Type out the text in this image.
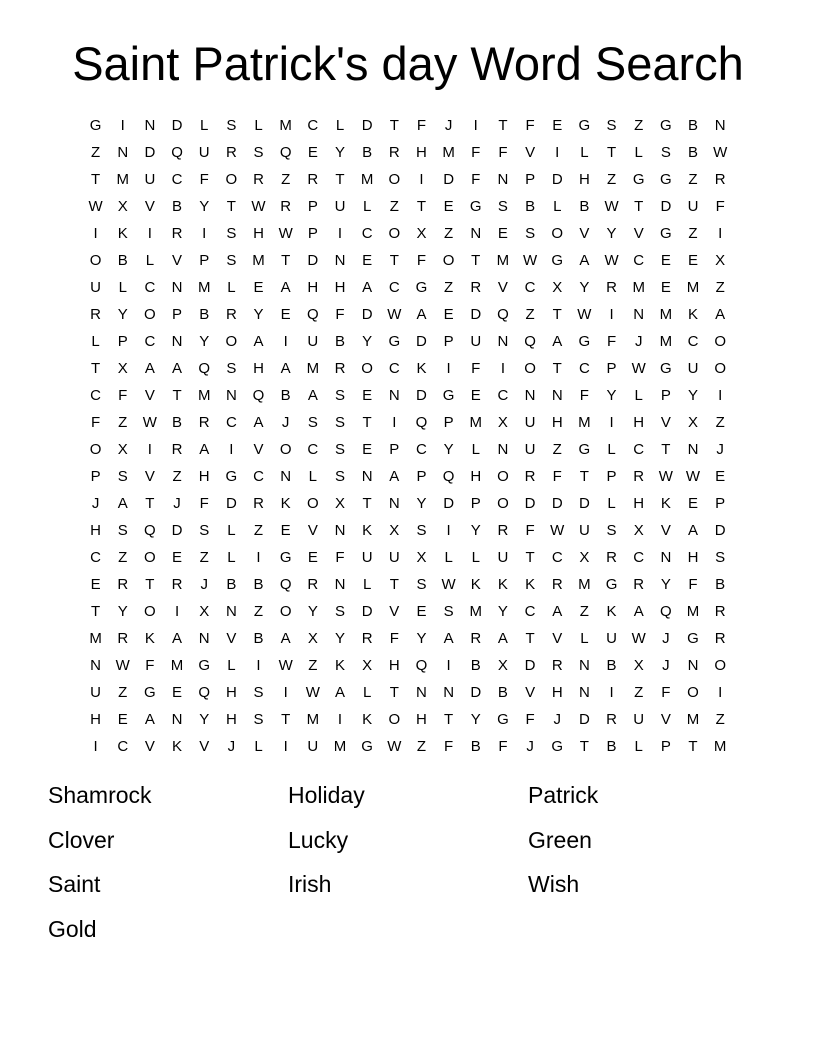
Saint Patrick's day Word Search
G	I	N	D	L	S	L	M	C	L	D	T	F	J	I	T	F	E	G	S	Z	G	B	N
Z	N	D	Q	U	R	S	Q	E	Y	B	R	H	M	F	F	V	I	L	T	L	S	B	W
T	M	U	C	F	O	R	Z	R	T	M	O	I	D	F	N	P	D	H	Z	G	G	Z	R
W	X	V	B	Y	T	W R	P	U	L	Z	T	E	G	S	B	L	B	W	T	D	U	F
I	K	I	R	I	S	H W	P	I	C	O	X	Z	N	E	S	O	V	Y	V	G	Z	I
O	B	L	V	P	S	M	T	D	N	E	T	F	O	T	M W G	A	W C	E	E	X
U	L	C	N	M	L	E	A	H	H	A	C	G	Z	R	V	C	X	Y	R	M	E	M	Z
R	Y	O	P	B	R	Y	E	Q	F	D W	A	E	D	Q	Z	T	W	I	N	M	K	A
L	P	C	N	Y	O	A	I	U	B	Y	G	D	P	U	N	Q	A	G	F	J	M	C	O
T	X	A	A	Q	S	H	A	M	R	O	C	K	I	F	I	O	T	C	P	W G	U	O
C	F	V	T	M	N	Q	B	A	S	E	N	D	G	E	C	N	N	F	Y	L	P	Y	I
F	Z	W	B	R	C	A	J	S	S	T	I	Q	P	M	X	U	H	M	I	H	V	X	Z
O	X	I	R	A	I	V	O	C	S	E	P	C	Y	L	N	U	Z	G	L	C	T	N	J
P	S	V	Z	H	G	C	N	L	S	N	A	P	Q	H	O	R	F	T	P	R W W	E
J	A	T	J	F	D	R	K	O	X	T	N	Y	D	P	O	D	D	D	L	H	K	E	P
H	S	Q	D	S	L	Z	E	V	N	K	X	S	I	Y	R	F	W U	S	X	V	A	D
C	Z	O	E	Z	L	I	G	E	F	U	U	X	L	L	U	T	C	X	R	C	N	H	S
E	R	T	R	J	B	B	Q	R	N	L	T	S	W	K	K	K	R	M	G	R	Y	F	B
T	Y	O	I	X	N	Z	O	Y	S	D	V	E	S	M	Y	C	A	Z	K	A	Q	M	R
M	R	K	A	N	V	B	A	X	Y	R	F	Y	A	R	A	T	V	L	U W	J	G	R
N W	F	M	G	L	I	W	Z	K	X	H	Q	I	B	X	D	R	N	B	X	J	N	O
U	Z	G	E	Q	H	S	I	W	A	L	T	N	N	D	B	V	H	N	I	Z	F	O	I
H	E	A	N	Y	H	S	T	M	I	K	O	H	T	Y	G	F	J	D	R	U	V	M	Z
I	C	V	K	V	J	L	I	U	M	G W	Z	F	B	F	J	G	T	B	L	P	T	M
Shamrock	Holiday	Patrick
Clover	Lucky	Green
Saint	Irish	Wish
Gold
